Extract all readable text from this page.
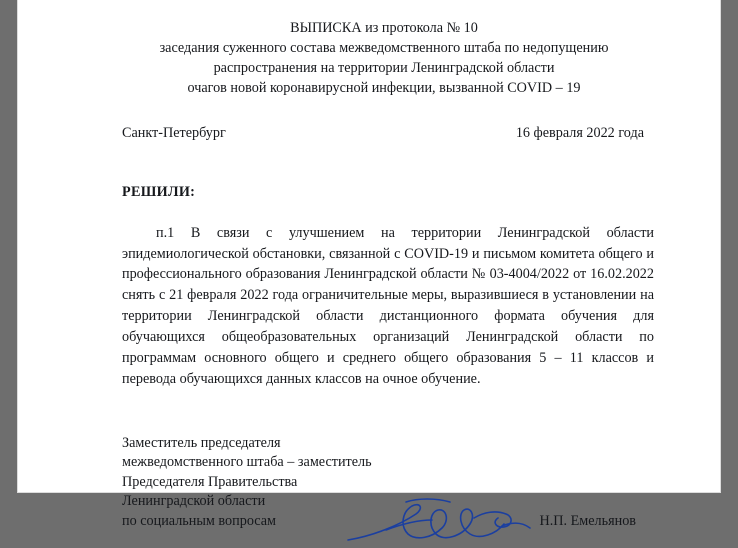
ВЫПИСКА из протокола № 10
заседания суженного состава межведомственного штаба по недопущению
распространения на территории Ленинградской области
очагов новой коронавирусной инфекции, вызванной COVID – 19
Санкт-Петербург	16 февраля 2022 года
РЕШИЛИ:
п.1 В связи с улучшением на территории Ленинградской области эпидемиологической обстановки, связанной с COVID-19 и письмом комитета общего и профессионального образования Ленинградской области № 03-4004/2022 от 16.02.2022 снять с 21 февраля 2022 года ограничительные меры, выразившиеся в установлении на территории Ленинградской области дистанционного формата обучения для обучающихся общеобразовательных организаций Ленинградской области по программам основного общего и среднего общего образования 5 – 11 классов и перевода обучающихся данных классов на очное обучение.
Заместитель председателя
межведомственного штаба – заместитель
Председателя Правительства
Ленинградской области
по социальным вопросам	Н.П. Емельянов
